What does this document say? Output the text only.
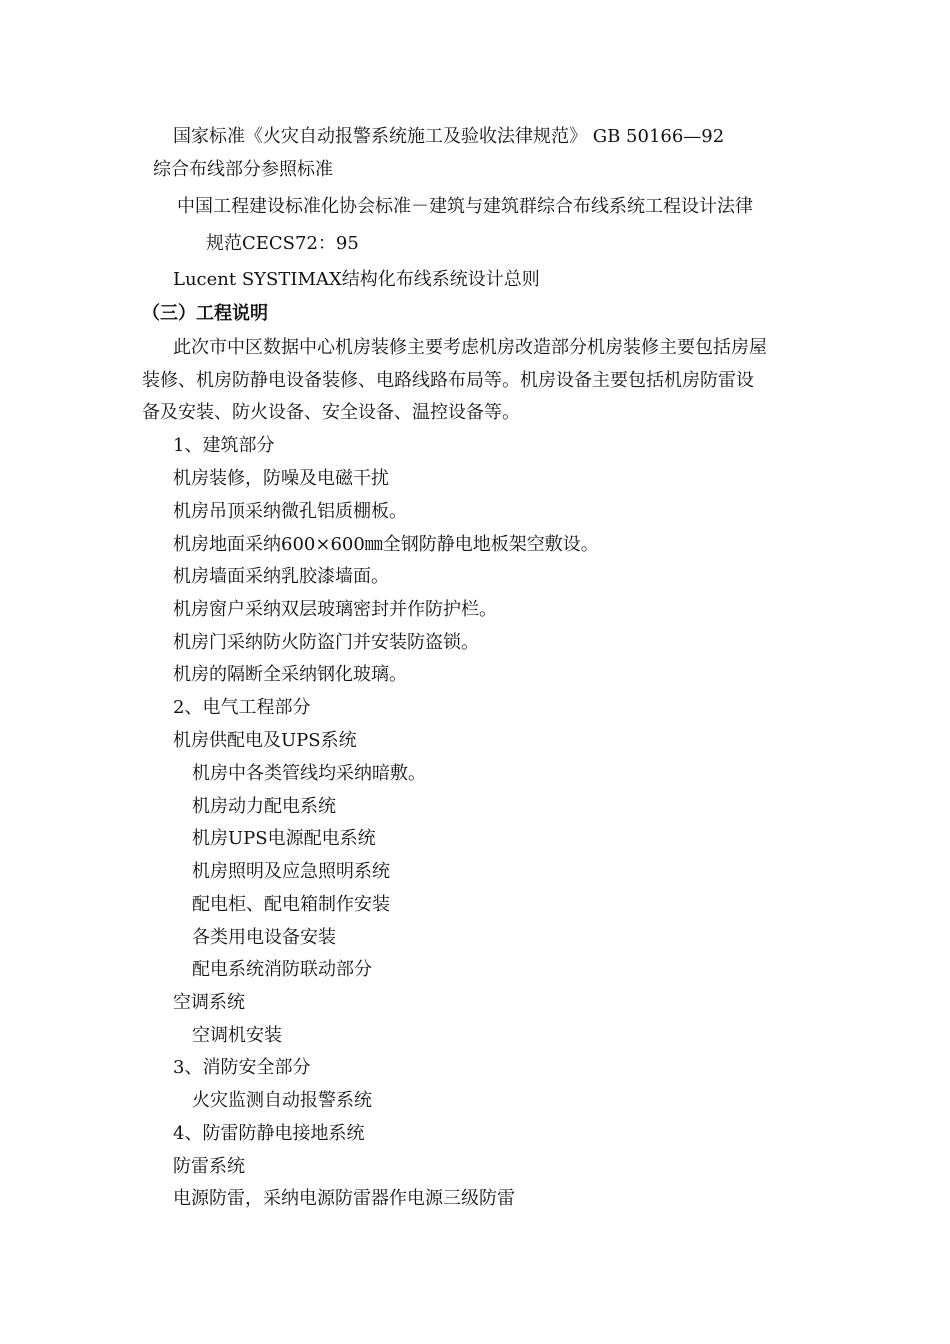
国家标准《火灾自动报警系统施工及验收法律规范》 GB 50166—92
综合布线部分参照标准
中国工程建设标准化协会标准－建筑与建筑群综合布线系统工程设计法律
规范CECS72：95
Lucent SYSTIMAX结构化布线系统设计总则
（三）工程说明
此次市中区数据中心机房装修主要考虑机房改造部分机房装修主要包括房屋
装修、机房防静电设备装修、电路线路布局等。机房设备主要包括机房防雷设
备及安装、防火设备、安全设备、温控设备等。
1、建筑部分
机房装修，防噪及电磁干扰
机房吊顶采纳微孔铝质棚板。
机房地面采纳600×600㎜全钢防静电地板架空敷设。
机房墙面采纳乳胶漆墙面。
机房窗户采纳双层玻璃密封并作防护栏。
机房门采纳防火防盗门并安装防盗锁。
机房的隔断全采纳钢化玻璃。
2、电气工程部分
机房供配电及UPS系统
机房中各类管线均采纳暗敷。
机房动力配电系统
机房UPS电源配电系统
机房照明及应急照明系统
配电柜、配电箱制作安装
各类用电设备安装
配电系统消防联动部分
空调系统
空调机安装
3、消防安全部分
火灾监测自动报警系统
4、防雷防静电接地系统
防雷系统
电源防雷，采纳电源防雷器作电源三级防雷
